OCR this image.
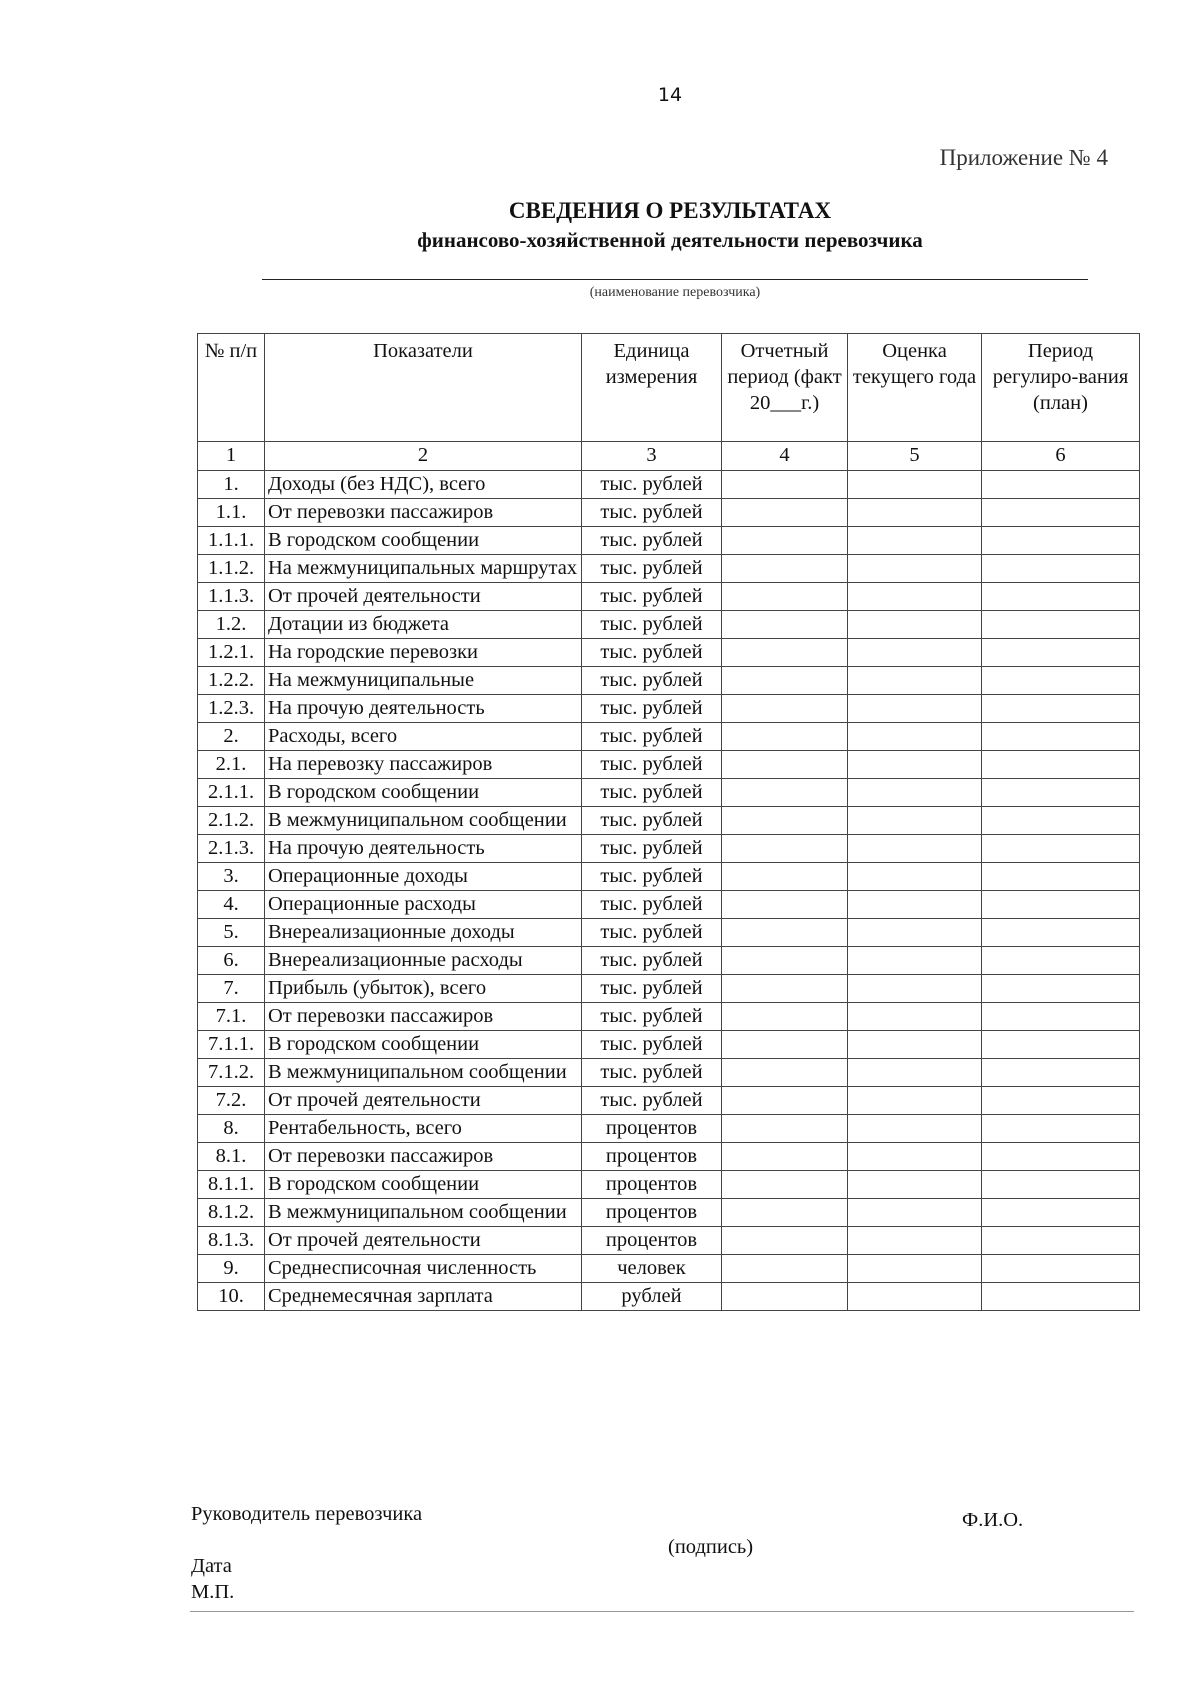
14
Приложение № 4
СВЕДЕНИЯ О РЕЗУЛЬТАТАХ
финансово-хозяйственной деятельности перевозчика
(наименование перевозчика)
№ п/п	Показатели	Единица измерения	Отчетный период (факт 20___г.)	Оценка текущего года	Период регулиро-вания (план)
1	2	3	4	5	6
1.	Доходы (без НДС), всего	тыс. рублей			
1.1.	От перевозки пассажиров	тыс. рублей			
1.1.1.	В городском сообщении	тыс. рублей			
1.1.2.	На межмуниципальных маршрутах	тыс. рублей			
1.1.3.	От прочей деятельности	тыс. рублей			
1.2.	Дотации из бюджета	тыс. рублей			
1.2.1.	На городские перевозки	тыс. рублей			
1.2.2.	На межмуниципальные	тыс. рублей			
1.2.3.	На прочую деятельность	тыс. рублей			
2.	Расходы, всего	тыс. рублей			
2.1.	На перевозку пассажиров	тыс. рублей			
2.1.1.	В городском сообщении	тыс. рублей			
2.1.2.	В межмуниципальном сообщении	тыс. рублей			
2.1.3.	На прочую деятельность	тыс. рублей			
3.	Операционные доходы	тыс. рублей			
4.	Операционные расходы	тыс. рублей			
5.	Внереализационные доходы	тыс. рублей			
6.	Внереализационные расходы	тыс. рублей			
7.	Прибыль (убыток), всего	тыс. рублей			
7.1.	От перевозки пассажиров	тыс. рублей			
7.1.1.	В городском сообщении	тыс. рублей			
7.1.2.	В межмуниципальном сообщении	тыс. рублей			
7.2.	От прочей деятельности	тыс. рублей			
8.	Рентабельность, всего	процентов			
8.1.	От перевозки пассажиров	процентов			
8.1.1.	В городском сообщении	процентов			
8.1.2.	В межмуниципальном сообщении	процентов			
8.1.3.	От прочей деятельности	процентов			
9.	Среднесписочная численность	человек			
10.	Среднемесячная зарплата	рублей			
Руководитель перевозчика	Ф.И.О.
(подпись)
Дата
М.П.
